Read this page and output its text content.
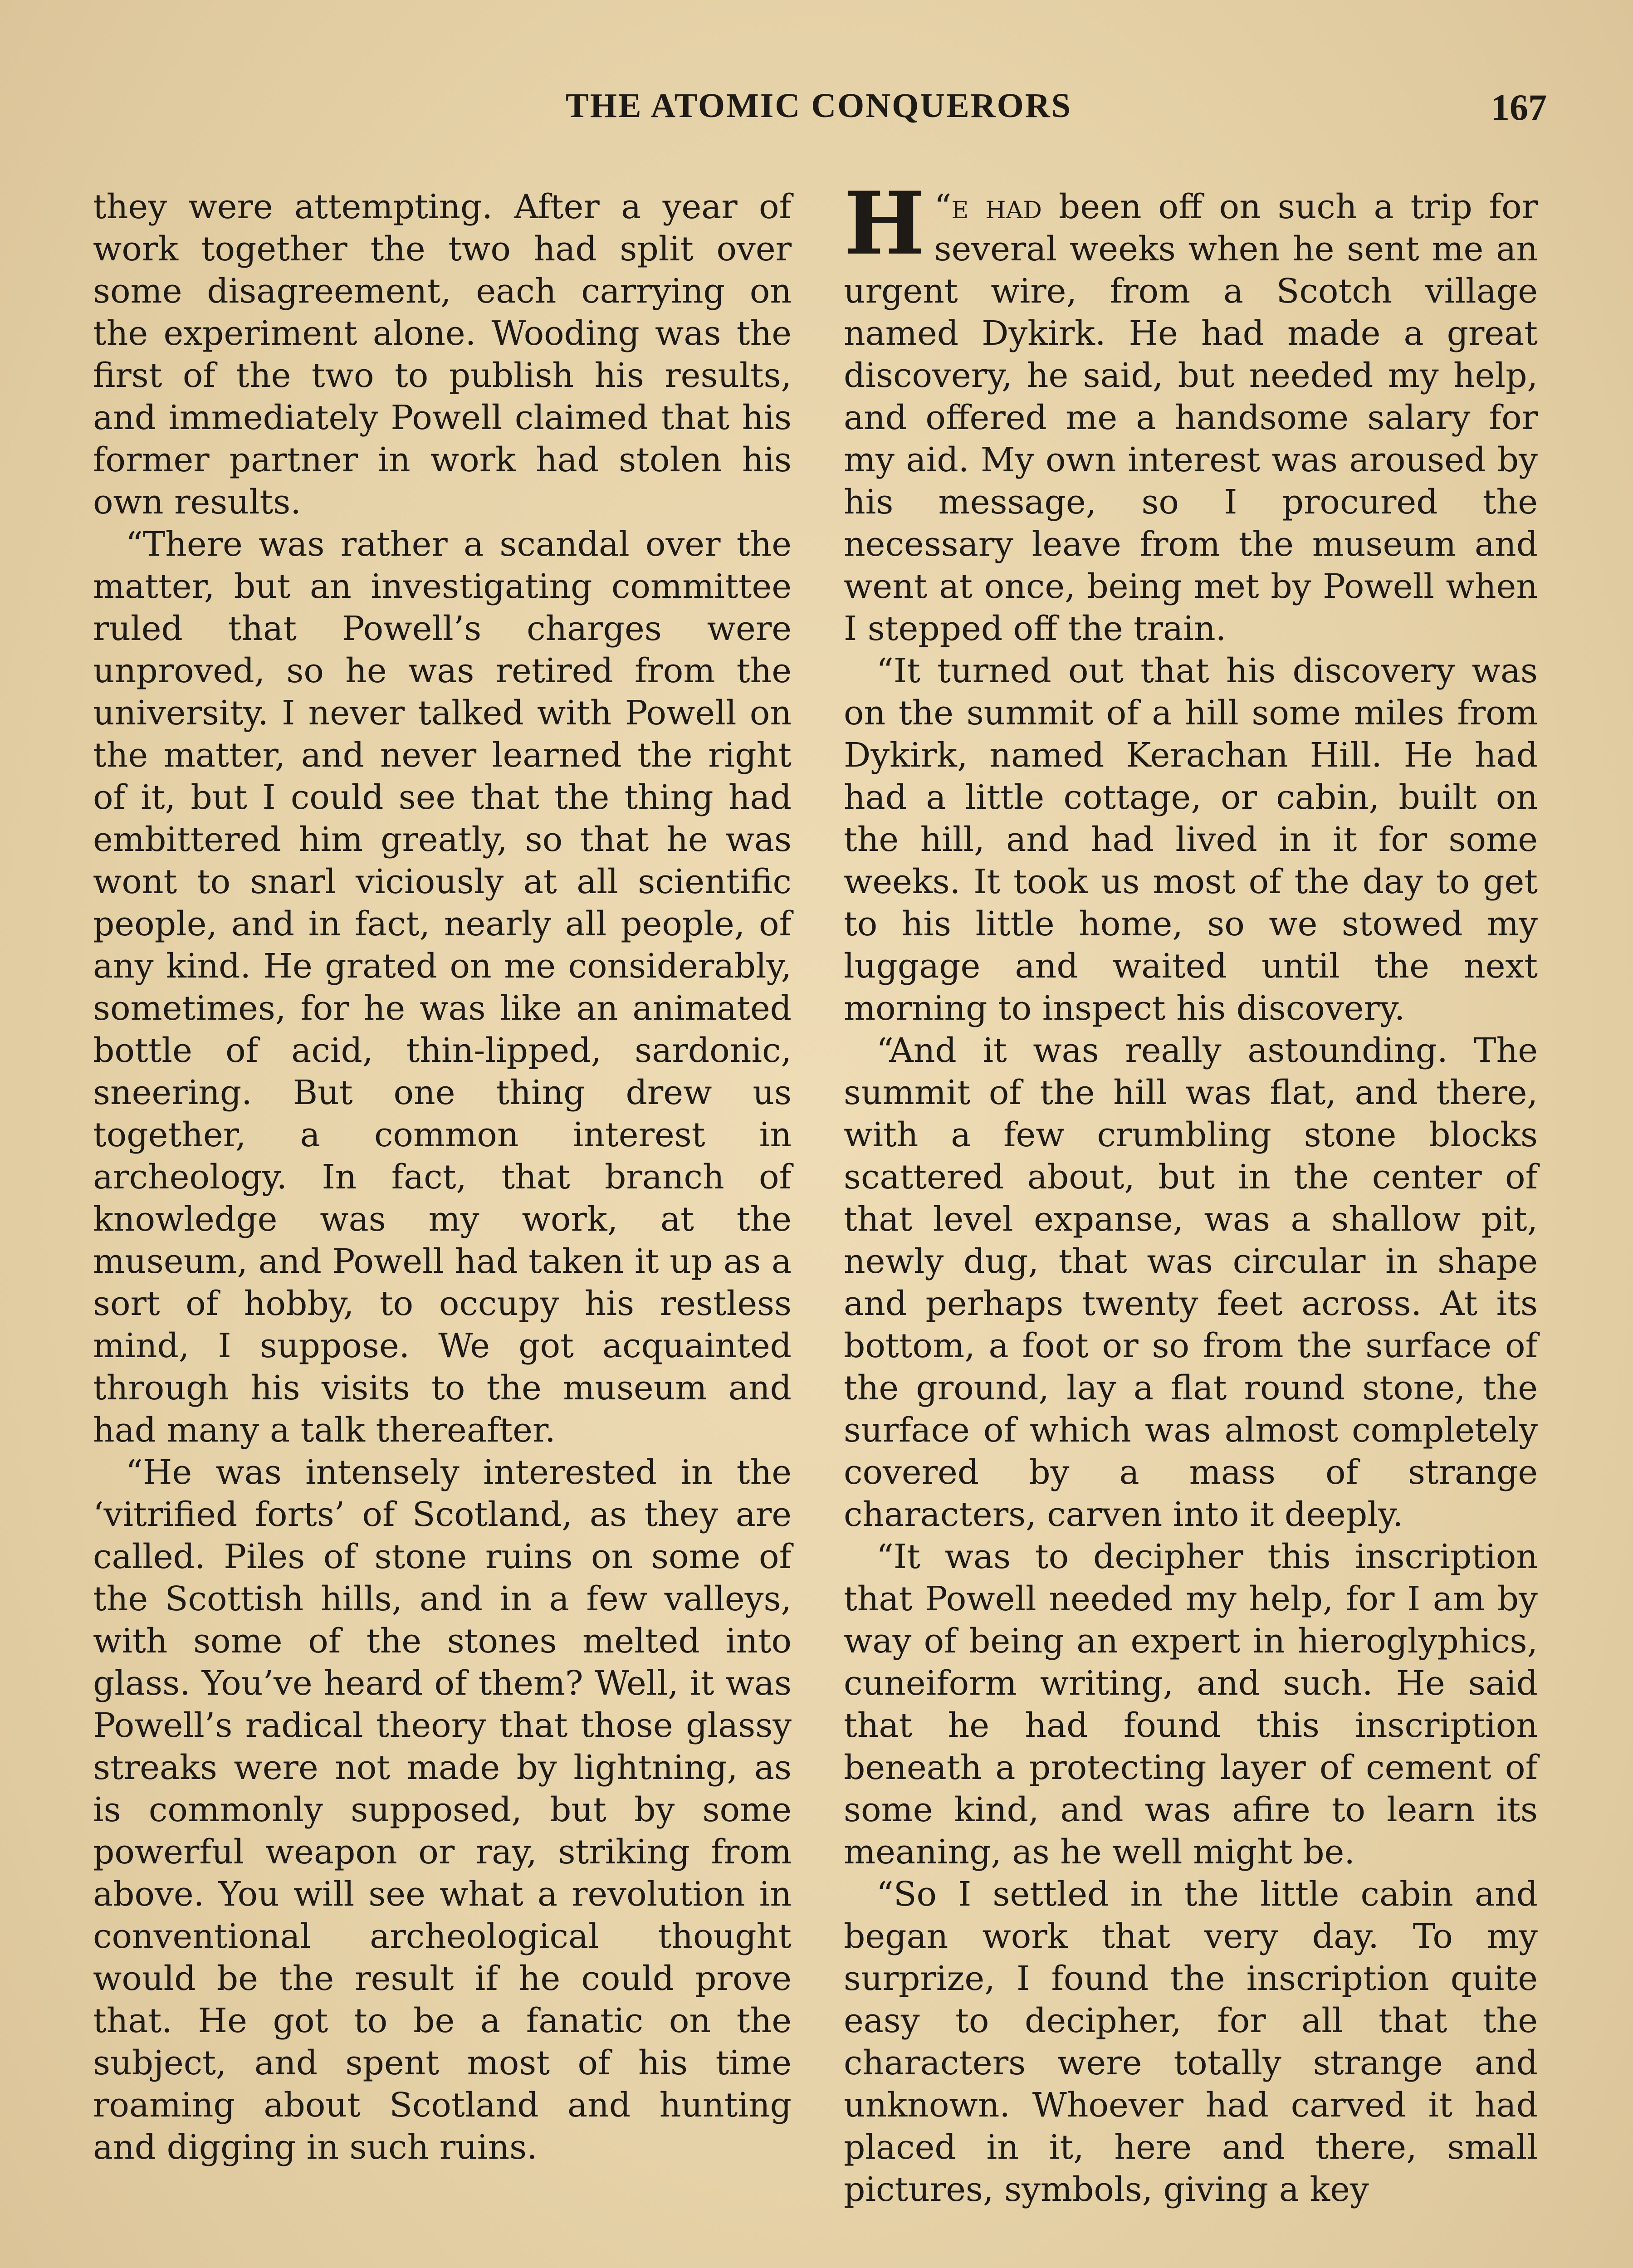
THE ATOMIC CONQUERORS	167

they were attempting. After a year of work together the two had split over some disagreement, each carrying on the experiment alone. Wooding was the first of the two to publish his results, and immediately Powell claimed that his former partner in work had stolen his own results.

“There was rather a scandal over the matter, but an investigating committee ruled that Powell’s charges were unproved, so he was retired from the university. I never talked with Powell on the matter, and never learned the right of it, but I could see that the thing had embittered him greatly, so that he was wont to snarl viciously at all scientific people, and in fact, nearly all people, of any kind. He grated on me considerably, sometimes, for he was like an animated bottle of acid, thin-lipped, sardonic, sneering. But one thing drew us together, a common interest in archeology. In fact, that branch of knowledge was my work, at the museum, and Powell had taken it up as a sort of hobby, to occupy his restless mind, I suppose. We got acquainted through his visits to the museum and had many a talk thereafter.

“He was intensely interested in the ‘vitrified forts’ of Scotland, as they are called. Piles of stone ruins on some of the Scottish hills, and in a few valleys, with some of the stones melted into glass. You’ve heard of them? Well, it was Powell’s radical theory that those glassy streaks were not made by lightning, as is commonly supposed, but by some powerful weapon or ray, striking from above. You will see what a revolution in conventional archeological thought would be the result if he could prove that. He got to be a fanatic on the subject, and spent most of his time roaming about Scotland and hunting and digging in such ruins.

“
H e had been off on such a trip for several weeks when he sent me an urgent wire, from a Scotch village named Dykirk. He had made a great discovery, he said, but needed my help, and offered me a handsome salary for my aid. My own interest was aroused by his message, so I procured the necessary leave from the museum and went at once, being met by Powell when I stepped off the train.

“It turned out that his discovery was on the summit of a hill some miles from Dykirk, named Kerachan Hill. He had had a little cottage, or cabin, built on the hill, and had lived in it for some weeks. It took us most of the day to get to his little home, so we stowed my luggage and waited until the next morning to inspect his discovery.

“And it was really astounding. The summit of the hill was flat, and there, with a few crumbling stone blocks scattered about, but in the center of that level expanse, was a shallow pit, newly dug, that was circular in shape and perhaps twenty feet across. At its bottom, a foot or so from the surface of the ground, lay a flat round stone, the surface of which was almost completely covered by a mass of strange characters, carven into it deeply.

“It was to decipher this inscription that Powell needed my help, for I am by way of being an expert in hieroglyphics, cuneiform writing, and such. He said that he had found this inscription beneath a protecting layer of cement of some kind, and was afire to learn its meaning, as he well might be.

“So I settled in the little cabin and began work that very day. To my surprize, I found the inscription quite easy to decipher, for all that the characters were totally strange and unknown. Whoever had carved it had placed in it, here and there, small pictures, symbols, giving a key
